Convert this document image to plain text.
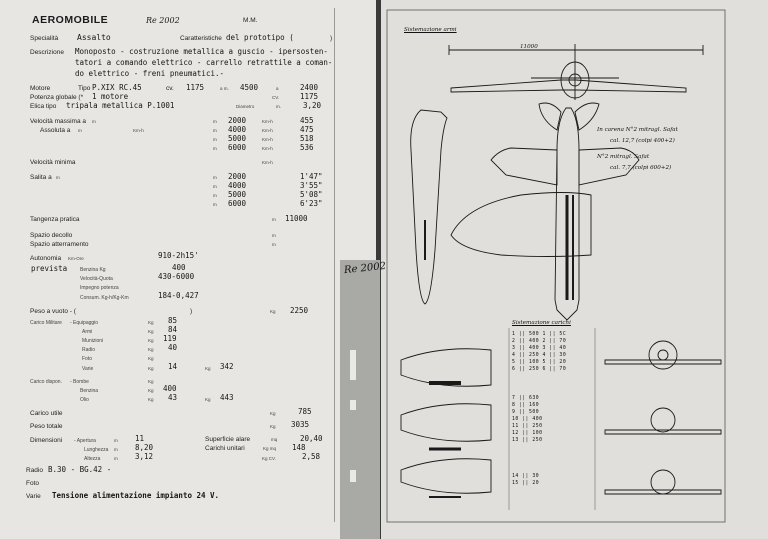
AEROMOBILE	Re 2002	M.M.
Specialità Assalto	Caratteristiche del prototipo (	)
Descrizione Monoposto - costruzione metallica a guscio - ipersosten-
tatori a comando elettrico - carrello retrattile a coman-
do elettrico - freni pneumatici.-
Motore	Tipo P.XIX RC.45	cv. 1175	a m. 4500	a	2400
Potenza globale (* 1 motore	CV.	1175
Elica tipo tripala metallica P.1001	Diametro	m.	3,20
Velocità massima a m
Assoluta a m	Km-h
m 2000	Km-h	455
m 4000	Km-h	475
m 5000	Km-h	518
m 6000	Km-h	536
Velocità minima	Km-h
Salita a m	m 2000	1'47"
m 4000	3'55"
m 5000	5'08"
m 6000	6'23"
Tangenza pratica	m 11000
Spazio decollo	m
Spazio atterramento	m
Autonomia Km-Ore	910-2h15'
prevista	Benzina Kg	400
Velocità-Quota	430-6000
Impegno potenza
Consum. Kg-h/Kg-Km	184-0,427
Peso a vuoto - (	)	Kg 2250
Carico Militare - Equipaggio	Kg 85
Armi	Kg 84
Munizioni	Kg 119
Radio	Kg 40
Foto	Kg
Varie	Kg 14	Kg 342
Carico dispon. - Bombe	Kg
Benzina	Kg 400
Olio	Kg 43	Kg 443
Carico utile	Kg	785
Peso totale	Kg 3035
Dimensioni - Apertura	m 11
Lunghezza m 8,20
Altezza	m 3,12
Superficie alare	mq	20,40
Carichi unitari	Kg mq 148
Kg CV.	2,58
Radio B.30 - BG.42 -
Foto
Varie Tensione alimentazione impianto 24 V.
Re 2002
Sistemazione armi
11000
In carena N°2 mitragl. Safat
cal. 12,7 (colpi 400+2)
N°2 mitragl. Safat
cal. 7,7 (colpi 600+2)
Sistemazione carichi
1 || 500 1 || 5C
2 || 400 2 || 70
3 || 400 3 || 40
4 || 250 4 || 30
5 || 100 5 || 20
6 || 250 6 || 70
7 || 630
8 || 160
9 || 500
10 || 400
11 || 250
12 || 100
13 || 250
14 || 30
15 || 20
